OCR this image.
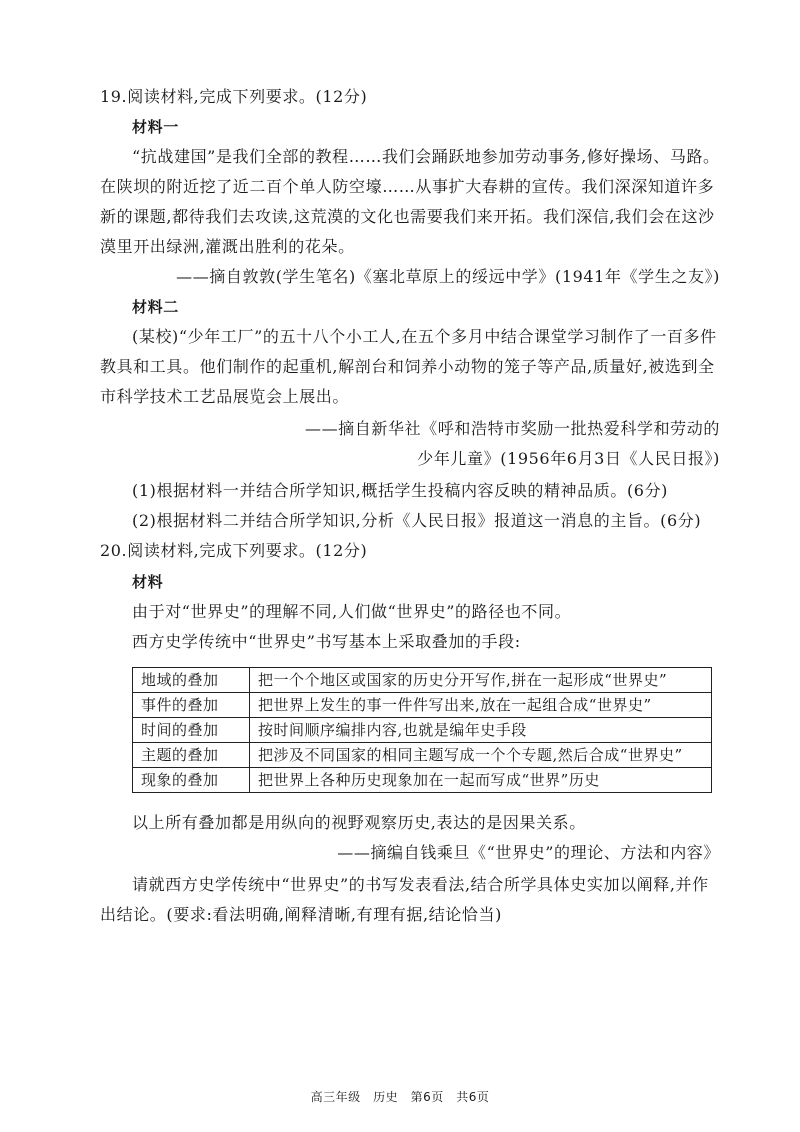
19.阅读材料,完成下列要求。(12分)
材料一
“抗战建国”是我们全部的教程……我们会踊跃地参加劳动事务,修好操场、马路。
在陕坝的附近挖了近二百个单人防空壕……从事扩大春耕的宣传。我们深深知道许多
新的课题,都待我们去攻读,这荒漠的文化也需要我们来开拓。我们深信,我们会在这沙
漠里开出绿洲,灌溉出胜利的花朵。
——摘自敦敦(学生笔名)《塞北草原上的绥远中学》(1941年《学生之友》)
材料二
(某校)“少年工厂”的五十八个小工人,在五个多月中结合课堂学习制作了一百多件
教具和工具。他们制作的起重机,解剖台和饲养小动物的笼子等产品,质量好,被选到全
市科学技术工艺品展览会上展出。
——摘自新华社《呼和浩特市奖励一批热爱科学和劳动的
少年儿童》(1956年6月3日《人民日报》)
(1)根据材料一并结合所学知识,概括学生投稿内容反映的精神品质。(6分)
(2)根据材料二并结合所学知识,分析《人民日报》报道这一消息的主旨。(6分)
20.阅读材料,完成下列要求。(12分)
材料
由于对“世界史”的理解不同,人们做“世界史”的路径也不同。
西方史学传统中“世界史”书写基本上采取叠加的手段:
地域的叠加	把一个个地区或国家的历史分开写作,拼在一起形成“世界史”
事件的叠加	把世界上发生的事一件件写出来,放在一起组合成“世界史”
时间的叠加	按时间顺序编排内容,也就是编年史手段
主题的叠加	把涉及不同国家的相同主题写成一个个专题,然后合成“世界史”
现象的叠加	把世界上各种历史现象加在一起而写成“世界”历史
以上所有叠加都是用纵向的视野观察历史,表达的是因果关系。
——摘编自钱乘旦《“世界史”的理论、方法和内容》
请就西方史学传统中“世界史”的书写发表看法,结合所学具体史实加以阐释,并作
出结论。(要求:看法明确,阐释清晰,有理有据,结论恰当)
高三年级　历史　第6页　共6页
